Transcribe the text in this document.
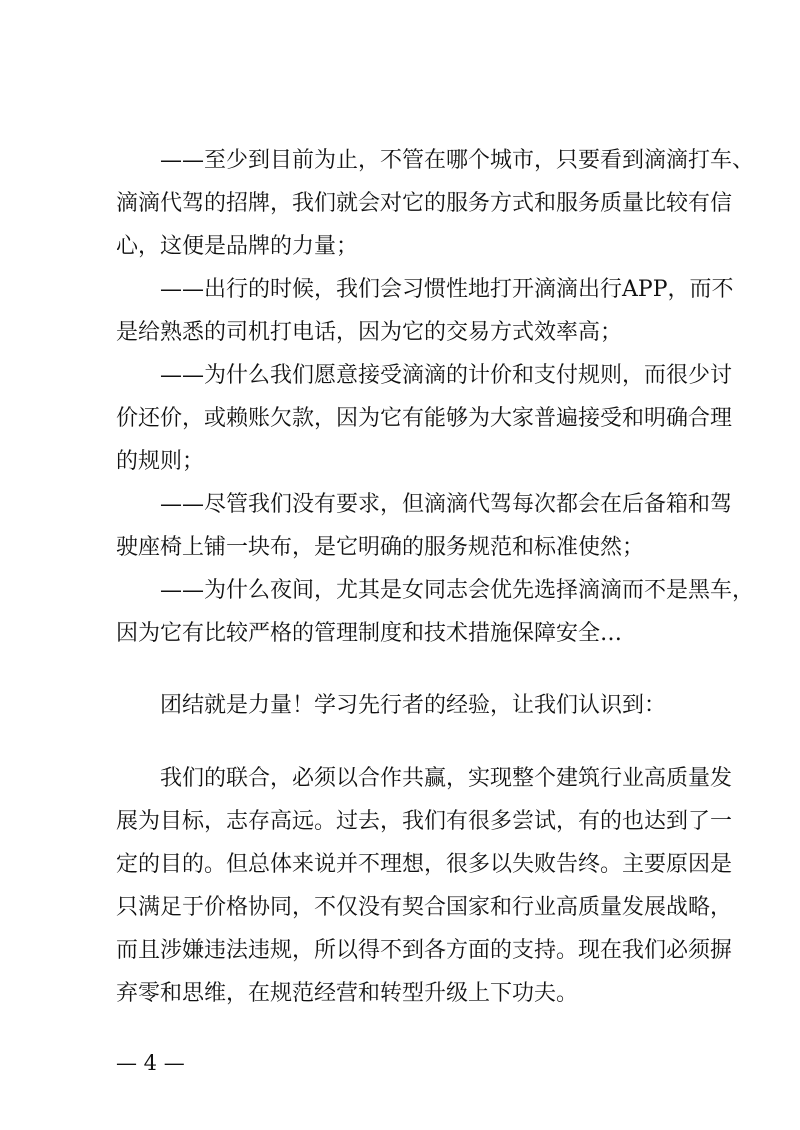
——至少到目前为止，不管在哪个城市，只要看到滴滴打车、
滴滴代驾的招牌，我们就会对它的服务方式和服务质量比较有信
心，这便是品牌的力量；
——出行的时候，我们会习惯性地打开滴滴出行APP，而不
是给熟悉的司机打电话，因为它的交易方式效率高；
——为什么我们愿意接受滴滴的计价和支付规则，而很少讨
价还价，或赖账欠款，因为它有能够为大家普遍接受和明确合理
的规则；
——尽管我们没有要求，但滴滴代驾每次都会在后备箱和驾
驶座椅上铺一块布，是它明确的服务规范和标准使然；
——为什么夜间，尤其是女同志会优先选择滴滴而不是黑车，
因为它有比较严格的管理制度和技术措施保障安全…
团结就是力量！学习先行者的经验，让我们认识到：
我们的联合，必须以合作共赢，实现整个建筑行业高质量发
展为目标，志存高远。过去，我们有很多尝试，有的也达到了一
定的目的。但总体来说并不理想，很多以失败告终。主要原因是
只满足于价格协同，不仅没有契合国家和行业高质量发展战略，
而且涉嫌违法违规，所以得不到各方面的支持。现在我们必须摒
弃零和思维，在规范经营和转型升级上下功夫。
— 4 —
